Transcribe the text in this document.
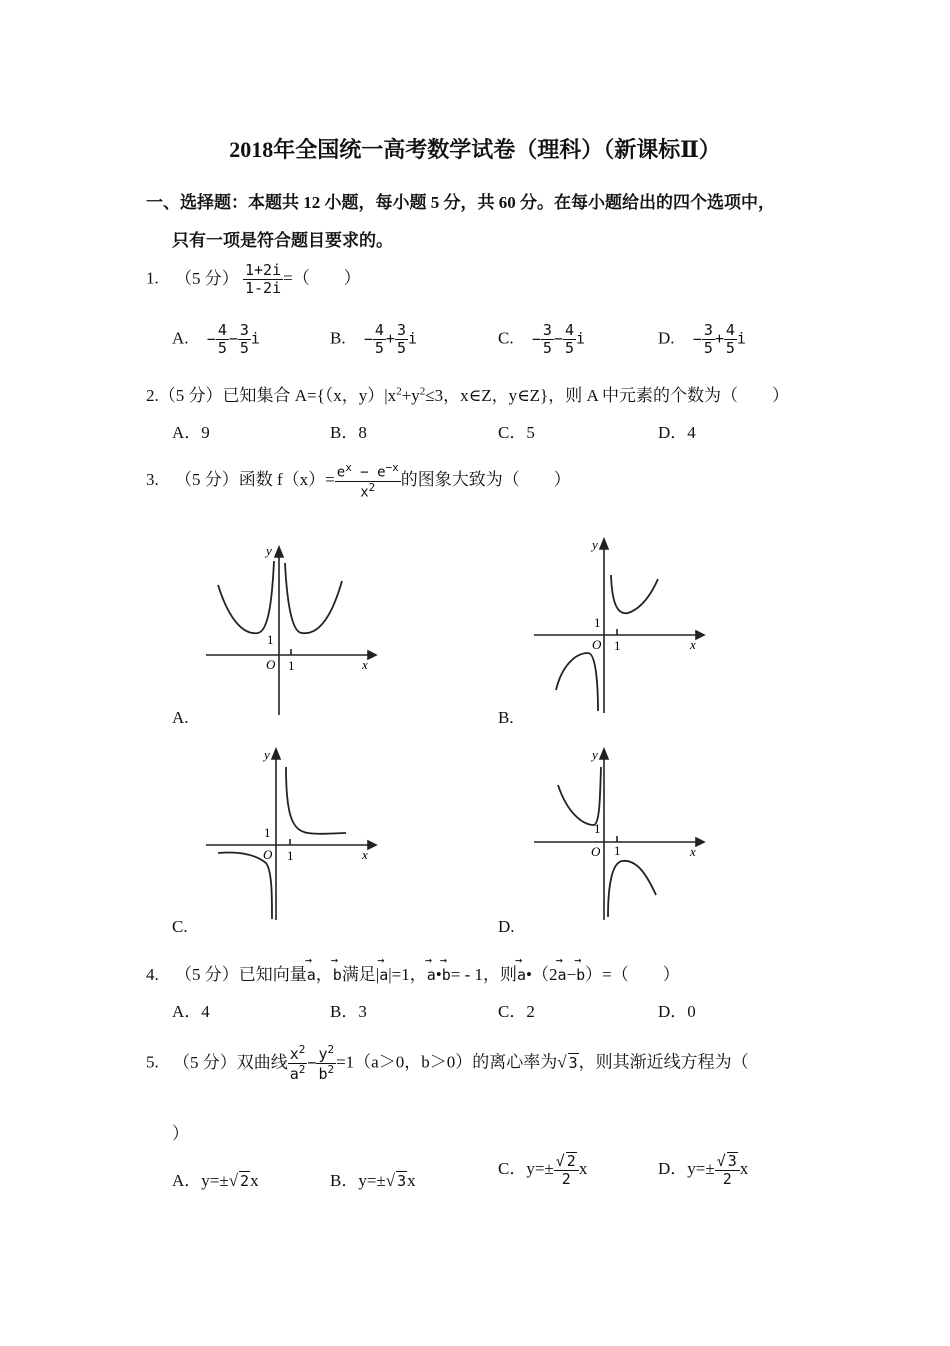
2018年全国统一高考数学试卷（理科）（新课标Ⅱ）
一、选择题：本题共 12 小题，每小题 5 分，共 60 分。在每小题给出的四个选项中，
只有一项是符合题目要求的。
1. （5 分） $\frac{1+2i}{1-2i}$ =（　　）
A. − $\frac{4}{5} - \frac{3}{5}$ i	B. − $\frac{4}{5} + \frac{3}{5}$ i	C. − $\frac{3}{5} - \frac{4}{5}$ i	D. − $\frac{3}{5} + \frac{4}{5}$ i
2.（5 分）已知集合 A={（x，$y)|x^2+y^2\le 3$，x∈Z，y∈Z}，则 A 中元素的个数为（　　）
A．9	B．8	C．5	D．4
3. （5 分）函数 $f(x)= \frac{e^x - e^{-x}}{x^2}$ 的图象大致为（　　）
y
x
O 1
1
A.
y
x
O 1
1
B.
y
x
O 1
1
C.
y
x
O 1
1
D.
4. （5 分）已知向量→ a，→ b满足|→ a|=1，→ a•→ b= - 1，则→ a•（2→ a−→ b）=（　　）
A．4	B．3	C．2	D．0
5. （5 分）双曲线 $\frac{x^2}{a^2} - \frac{y^2}{b^2} =1(a>0$，b＞0）的离心率为√ 3，则其渐近线方程为（
）
A．y=±√ 2x	B．y=±√ 3x
C．$y=\pm \frac{√ 2}{2}$ x	D．$y=\pm \frac{√ 3}{2}$ x
